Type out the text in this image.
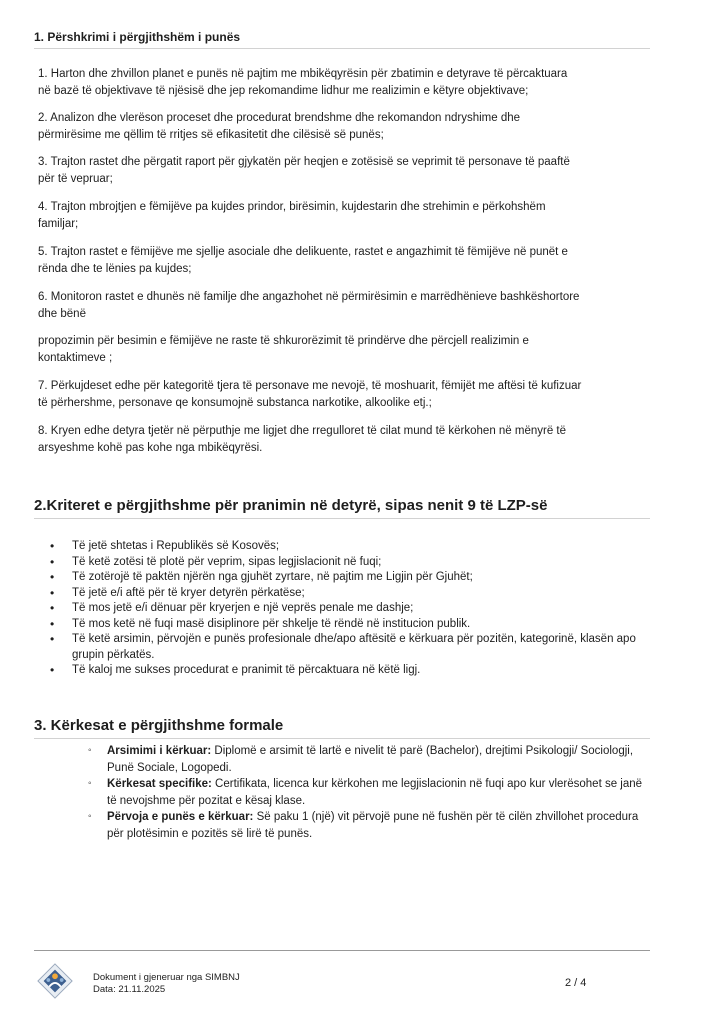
1. Përshkrimi i përgjithshëm i punës

1. Harton dhe zhvillon planet e punës në pajtim me mbikëqyrësin për zbatimin e detyrave të përcaktuara
në bazë të objektivave të njësisë dhe jep rekomandime lidhur me realizimin e këtyre objektivave;

2. Analizon dhe vlerëson proceset dhe procedurat brendshme dhe rekomandon ndryshime dhe
përmirësime me qëllim të rritjes së efikasitetit dhe cilësisë së punës;

3. Trajton rastet dhe përgatit raport për gjykatën për heqjen e zotësisë se veprimit të personave të paaftë
për të vepruar;

4. Trajton mbrojtjen e fëmijëve pa kujdes prindor, birësimin, kujdestarin dhe strehimin e përkohshëm
familjar;

5. Trajton rastet e fëmijëve me sjellje asociale dhe delikuente, rastet e angazhimit të fëmijëve në punët e
rënda dhe te lënies pa kujdes;

6. Monitoron rastet e dhunës në familje dhe angazhohet në përmirësimin e marrëdhënieve bashkëshortore
dhe bënë

propozimin për besimin e fëmijëve ne raste të shkurorëzimit të prindërve dhe përcjell realizimin e
kontaktimeve ;

7. Përkujdeset edhe për kategoritë tjera të personave me nevojë, të moshuarit, fëmijët me aftësi të kufizuar
të përhershme, personave qe konsumojnë substanca narkotike, alkoolike etj.;

8. Kryen edhe detyra tjetër në përputhje me ligjet dhe rregulloret të cilat mund të kërkohen në mënyrë të
arsyeshme kohë pas kohe nga mbikëqyrësi.

2.Kriteret e përgjithshme për pranimin në detyrë, sipas nenit 9 të LZP-së
• Të jetë shtetas i Republikës së Kosovës;
• Të ketë zotësi të plotë për veprim, sipas legjislacionit në fuqi;
• Të zotërojë të paktën njërën nga gjuhët zyrtare, në pajtim me Ligjin për Gjuhët;
• Të jetë e/i aftë për të kryer detyrën përkatëse;
• Të mos jetë e/i dënuar për kryerjen e një veprës penale me dashje;
• Të mos ketë në fuqi masë disiplinore për shkelje të rëndë në institucion publik.
• Të ketë arsimin, përvojën e punës profesionale dhe/apo aftësitë e kërkuara për pozitën, kategorinë, klasën apo grupin përkatës.
• Të kaloj me sukses procedurat e pranimit të përcaktuara në këtë ligj.
3. Kërkesat e përgjithshme formale
◦ Arsimimi i kërkuar: Diplomë e arsimit të lartë e nivelit të parë (Bachelor), drejtimi Psikologji/ Sociologji, Punë Sociale, Logopedi.
◦ Kërkesat specifike: Certifikata, licenca kur kërkohen me legjislacionin në fuqi apo kur vlerësohet se janë të nevojshme për pozitat e kësaj klase.
◦ Përvoja e punës e kërkuar: Së paku 1 (një) vit përvojë pune në fushën për të cilën zhvillohet procedura për plotësimin e pozitës së lirë të punës.
Dokument i gjeneruar nga SIMBNJ
Data: 21.11.2025
2 / 4
